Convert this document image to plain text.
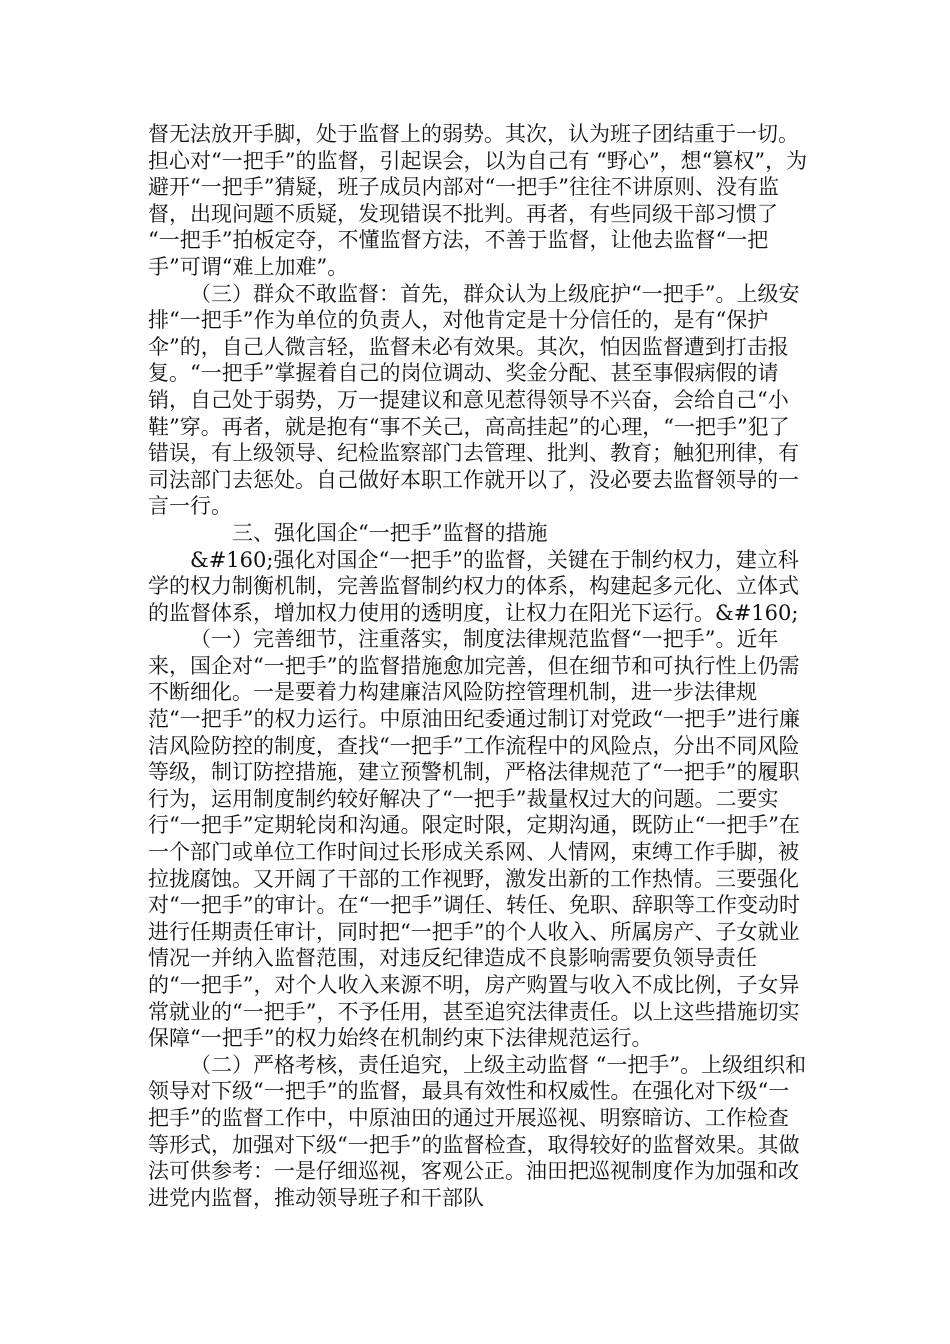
督无法放开手脚，处于监督上的弱势。其次，认为班子团结重于一切。担心对“一把手”的监督，引起误会，以为自己有 “野心”，想“篡权”，为避开“一把手”猜疑，班子成员内部对“一把手”往往不讲原则、没有监督，出现问题不质疑，发现错误不批判。再者，有些同级干部习惯了 “一把手”拍板定夺，不懂监督方法，不善于监督，让他去监督“一把手”可谓“难上加难”。

（三）群众不敢监督：首先，群众认为上级庇护“一把手”。上级安排“一把手”作为单位的负责人，对他肯定是十分信任的，是有“保护伞”的，自己人微言轻，监督未必有效果。其次，怕因监督遭到打击报复。“一把手”掌握着自己的岗位调动、奖金分配、甚至事假病假的请销，自己处于弱势，万一提建议和意见惹得领导不兴奋，会给自己“小鞋”穿。再者，就是抱有“事不关己，高高挂起”的心理，“一把手”犯了错误，有上级领导、纪检监察部门去管理、批判、教育；触犯刑律，有司法部门去惩处。自己做好本职工作就开以了，没必要去监督领导的一言一行。

三、强化国企“一把手”监督的措施

&#160;强化对国企“一把手”的监督，关键在于制约权力，建立科学的权力制衡机制，完善监督制约权力的体系，构建起多元化、立体式的监督体系，增加权力使用的透明度，让权力在阳光下运行。&#160;

（一）完善细节，注重落实，制度法律规范监督“一把手”。近年来，国企对“一把手”的监督措施愈加完善，但在细节和可执行性上仍需不断细化。一是要着力构建廉洁风险防控管理机制，进一步法律规范“一把手”的权力运行。中原油田纪委通过制订对党政“一把手”进行廉洁风险防控的制度，查找“一把手”工作流程中的风险点，分出不同风险等级，制订防控措施，建立预警机制，严格法律规范了“一把手”的履职行为，运用制度制约较好解决了“一把手”裁量权过大的问题。二要实行“一把手”定期轮岗和沟通。限定时限，定期沟通，既防止“一把手”在一个部门或单位工作时间过长形成关系网、人情网，束缚工作手脚，被拉拢腐蚀。又开阔了干部的工作视野，激发出新的工作热情。三要强化对“一把手”的审计。在“一把手”调任、转任、免职、辞职等工作变动时进行任期责任审计，同时把“一把手”的个人收入、所属房产、子女就业情况一并纳入监督范围，对违反纪律造成不良影响需要负领导责任的“一把手”，对个人收入来源不明，房产购置与收入不成比例，子女异常就业的“一把手”，不予任用，甚至追究法律责任。以上这些措施切实保障“一把手”的权力始终在机制约束下法律规范运行。

（二）严格考核，责任追究，上级主动监督 “一把手”。上级组织和领导对下级“一把手”的监督，最具有效性和权威性。在强化对下级“一把手”的监督工作中，中原油田的通过开展巡视、明察暗访、工作检查等形式，加强对下级“一把手”的监督检查，取得较好的监督效果。其做法可供参考：一是仔细巡视，客观公正。油田把巡视制度作为加强和改进党内监督，推动领导班子和干部队
